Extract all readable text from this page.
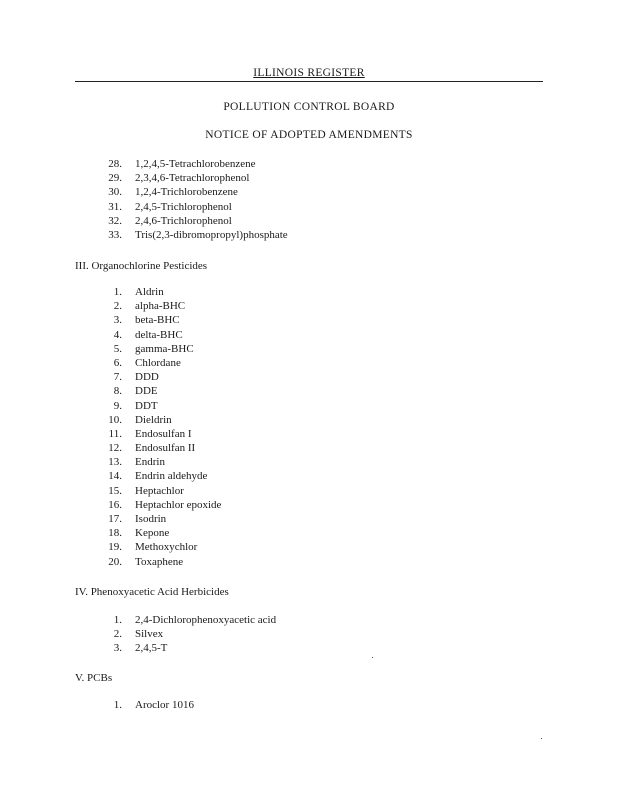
ILLINOIS REGISTER
POLLUTION CONTROL BOARD
NOTICE OF ADOPTED AMENDMENTS
28. 1,2,4,5-Tetrachlorobenzene
29. 2,3,4,6-Tetrachlorophenol
30. 1,2,4-Trichlorobenzene
31. 2,4,5-Trichlorophenol
32. 2,4,6-Trichlorophenol
33. Tris(2,3-dibromopropyl)phosphate
III. Organochlorine Pesticides
1. Aldrin
2. alpha-BHC
3. beta-BHC
4. delta-BHC
5. gamma-BHC
6. Chlordane
7. DDD
8. DDE
9. DDT
10. Dieldrin
11. Endosulfan I
12. Endosulfan II
13. Endrin
14. Endrin aldehyde
15. Heptachlor
16. Heptachlor epoxide
17. Isodrin
18. Kepone
19. Methoxychlor
20. Toxaphene
IV. Phenoxyacetic Acid Herbicides
1. 2,4-Dichlorophenoxyacetic acid
2. Silvex
3. 2,4,5-T
V. PCBs
1. Aroclor 1016
